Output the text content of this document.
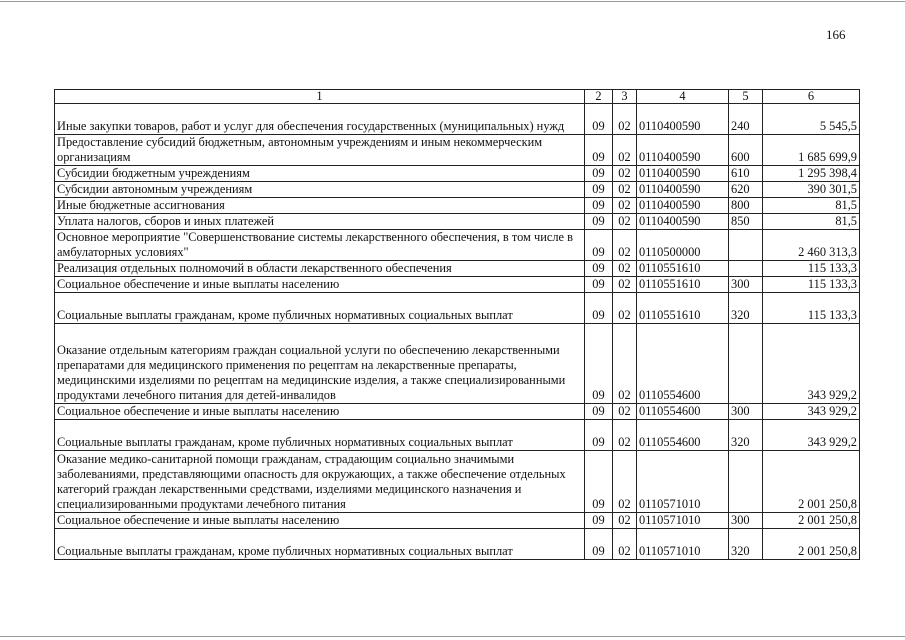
166
1	2	3	4	5	6
Иные закупки товаров, работ и услуг для обеспечения государственных (муниципальных) нужд	09	02	0110400590	240	5 545,5
Предоставление субсидий бюджетным, автономным учреждениям и иным некоммерческим организациям	09	02	0110400590	600	1 685 699,9
Субсидии бюджетным учреждениям	09	02	0110400590	610	1 295 398,4
Субсидии автономным учреждениям	09	02	0110400590	620	390 301,5
Иные бюджетные ассигнования	09	02	0110400590	800	81,5
Уплата налогов, сборов и иных платежей	09	02	0110400590	850	81,5
Основное мероприятие "Совершенствование системы лекарственного обеспечения, в том числе в амбулаторных условиях"	09	02	0110500000		2 460 313,3
Реализация отдельных полномочий в области лекарственного обеспечения	09	02	0110551610		115 133,3
Социальное обеспечение и иные выплаты населению	09	02	0110551610	300	115 133,3
Социальные выплаты гражданам, кроме публичных нормативных социальных выплат	09	02	0110551610	320	115 133,3
Оказание отдельным категориям граждан социальной услуги по обеспечению лекарственными препаратами для медицинского применения по рецептам на лекарственные препараты, медицинскими изделиями по рецептам на медицинские изделия, а также специализированными продуктами лечебного питания для детей-инвалидов	09	02	0110554600		343 929,2
Социальное обеспечение и иные выплаты населению	09	02	0110554600	300	343 929,2
Социальные выплаты гражданам, кроме публичных нормативных социальных выплат	09	02	0110554600	320	343 929,2
Оказание медико-санитарной помощи гражданам, страдающим социально значимыми заболеваниями, представляющими опасность для окружающих, а также обеспечение отдельных категорий граждан лекарственными средствами, изделиями медицинского назначения и специализированными продуктами лечебного питания	09	02	0110571010		2 001 250,8
Социальное обеспечение и иные выплаты населению	09	02	0110571010	300	2 001 250,8
Социальные выплаты гражданам, кроме публичных нормативных социальных выплат	09	02	0110571010	320	2 001 250,8
